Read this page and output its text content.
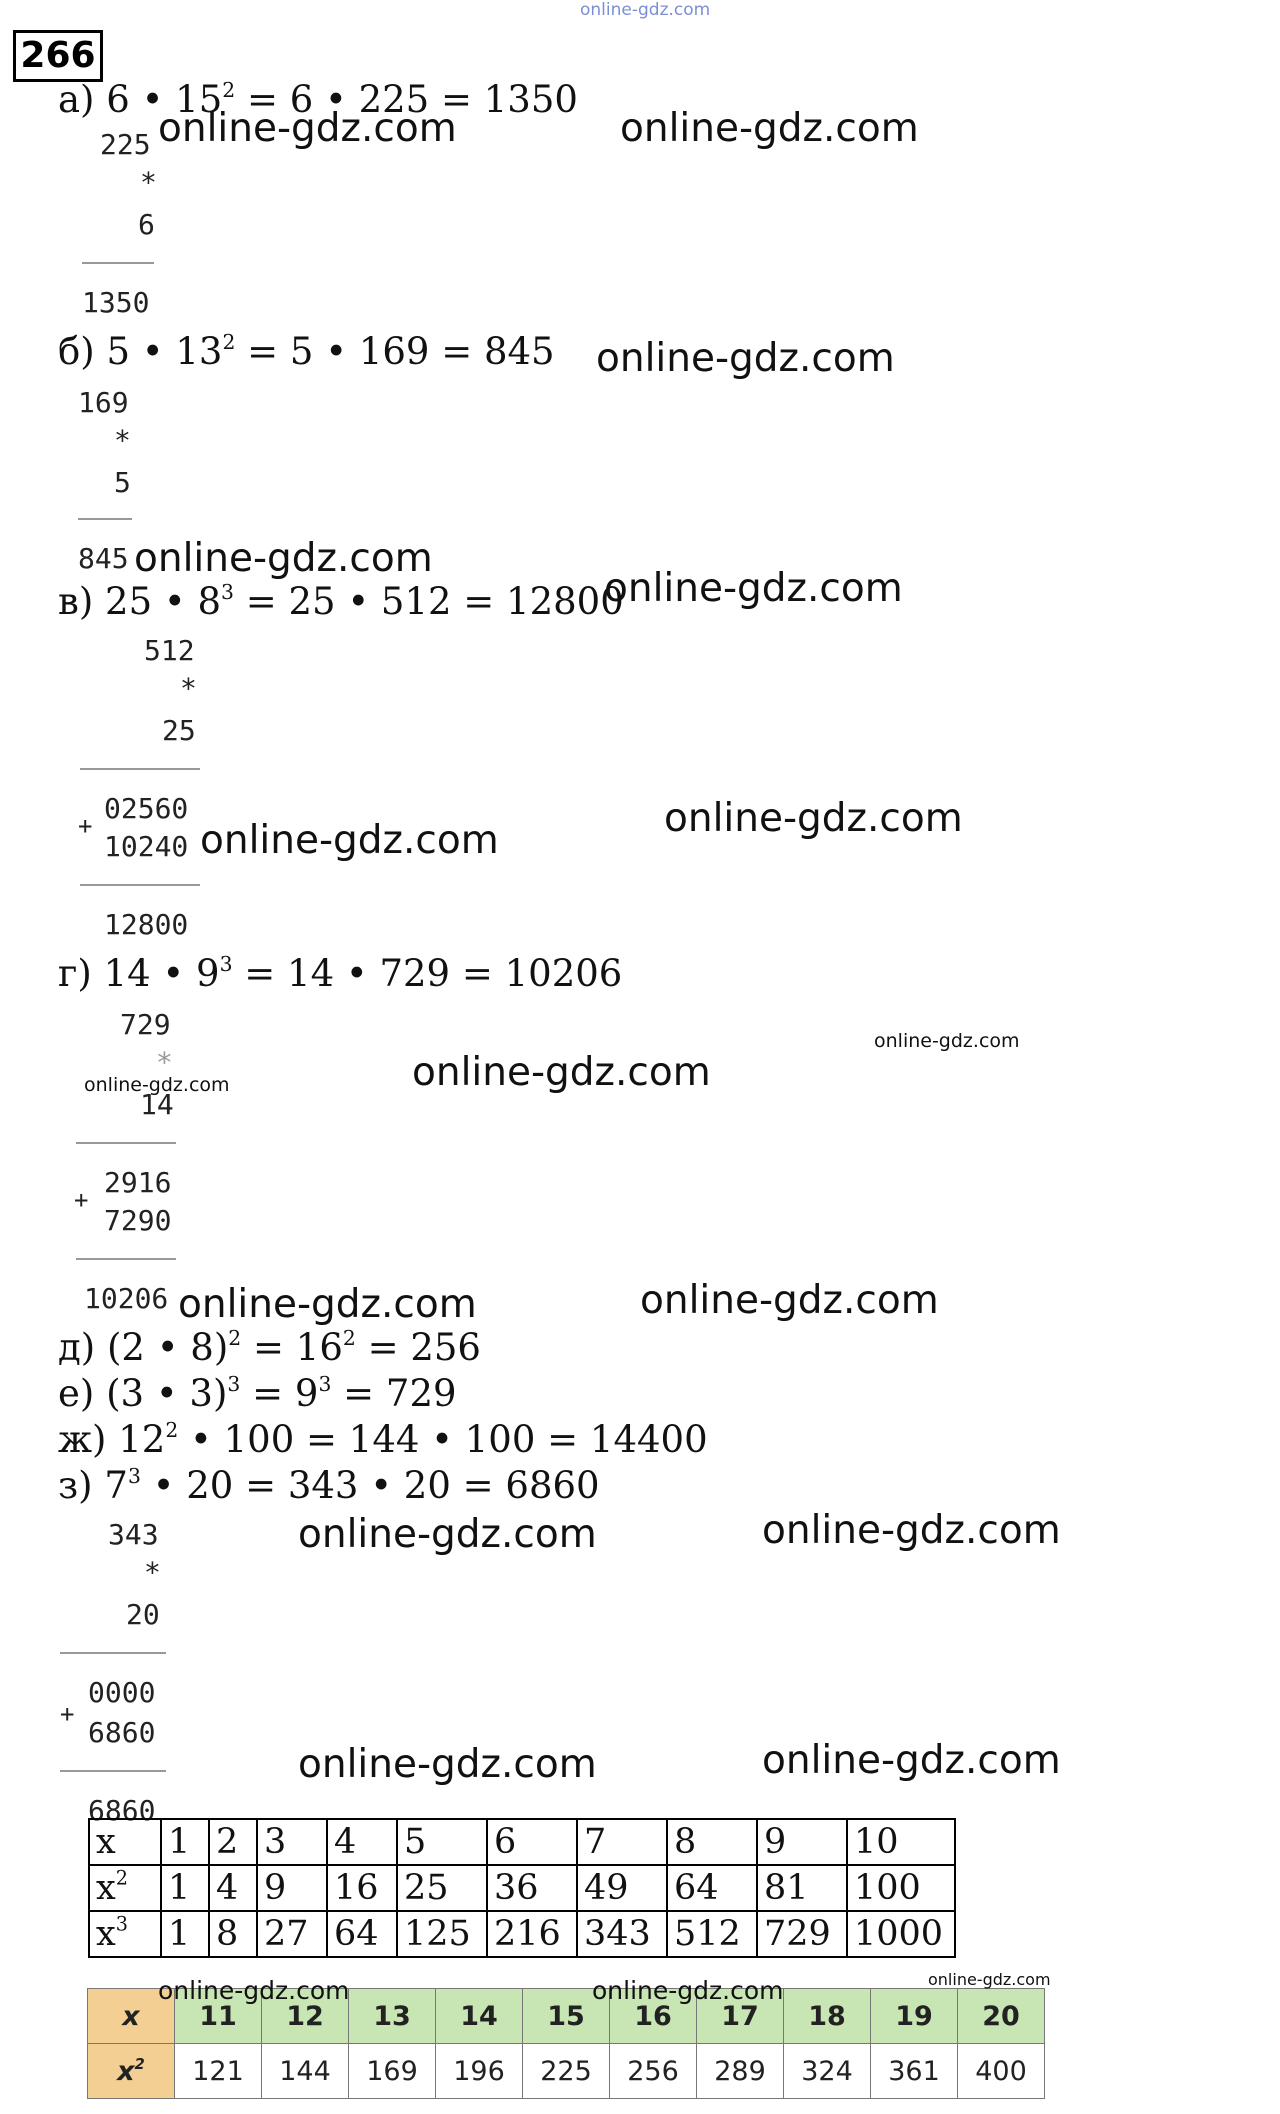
online-gdz.com
266
а) 6 • $15^2 = 6$ • 225 = 1350
225
*
6
1350
б) 5 • $13^2 = 5$ • 169 = 845
169
*
5
845
в) 25 • $8^3 = 25$ • 512 = 12800
512
*
25
02560
+
10240
12800
г) 14 • $9^3 = 14$ • 729 = 10206
729
*
14
2916
+
7290
10206
д) (2 • $8)^2 = 16^2 = 256$
е) (3 • $3)^3 = 9^3 = 729$
ж) $12^2$ • 100 = 144 • 100 = 14400
з) $7^3$ • 20 = 343 • 20 = 6860
343
*
20
0000
+
6860
6860
x	1	2	3	4	5	6	7	8	9	10
$x^2$	1	4	9	16	25	36	49	64	81	100
$x^3$	1	8	27	64	125	216	343	512	729	1000
x	11	12	13	14	15	16	17	18	19	20
$x^2$	121	144	169	196	225	256	289	324	361	400
online-gdz.com	online-gdz.com
online-gdz.com
online-gdz.com
online-gdz.com
online-gdz.com	online-gdz.com
online-gdz.com
online-gdz.com	online-gdz.com
online-gdz.com	online-gdz.com
online-gdz.com	online-gdz.com
online-gdz.com	online-gdz.com
online-gdz.com	online-gdz.com	online-gdz.com
